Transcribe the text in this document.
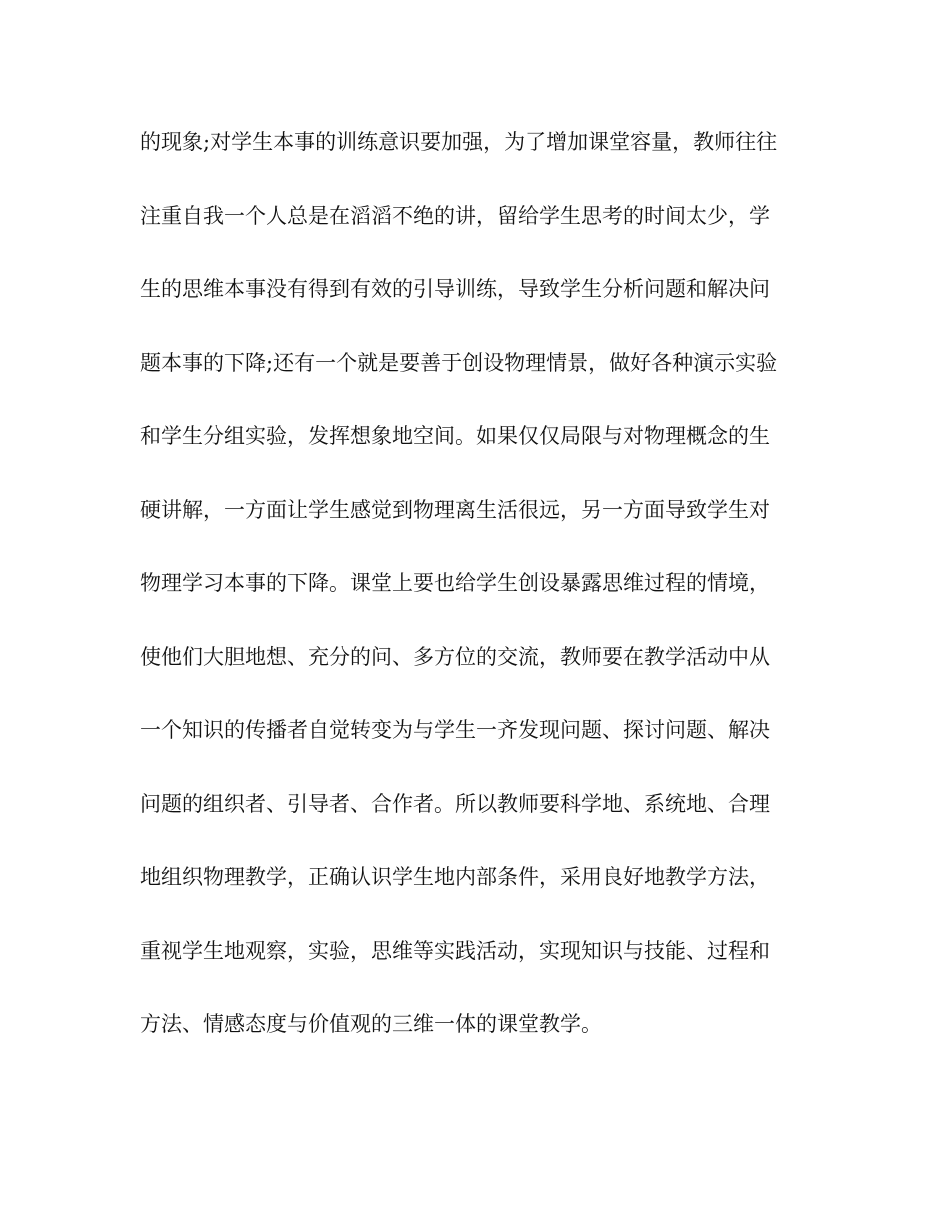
的现象;对学生本事的训练意识要加强，为了增加课堂容量，教师往往
注重自我一个人总是在滔滔不绝的讲，留给学生思考的时间太少，学
生的思维本事没有得到有效的引导训练，导致学生分析问题和解决问
题本事的下降;还有一个就是要善于创设物理情景，做好各种演示实验
和学生分组实验，发挥想象地空间。如果仅仅局限与对物理概念的生
硬讲解，一方面让学生感觉到物理离生活很远，另一方面导致学生对
物理学习本事的下降。课堂上要也给学生创设暴露思维过程的情境，
使他们大胆地想、充分的问、多方位的交流，教师要在教学活动中从
一个知识的传播者自觉转变为与学生一齐发现问题、探讨问题、解决
问题的组织者、引导者、合作者。所以教师要科学地、系统地、合理
地组织物理教学，正确认识学生地内部条件，采用良好地教学方法，
重视学生地观察，实验，思维等实践活动，实现知识与技能、过程和
方法、情感态度与价值观的三维一体的课堂教学。
